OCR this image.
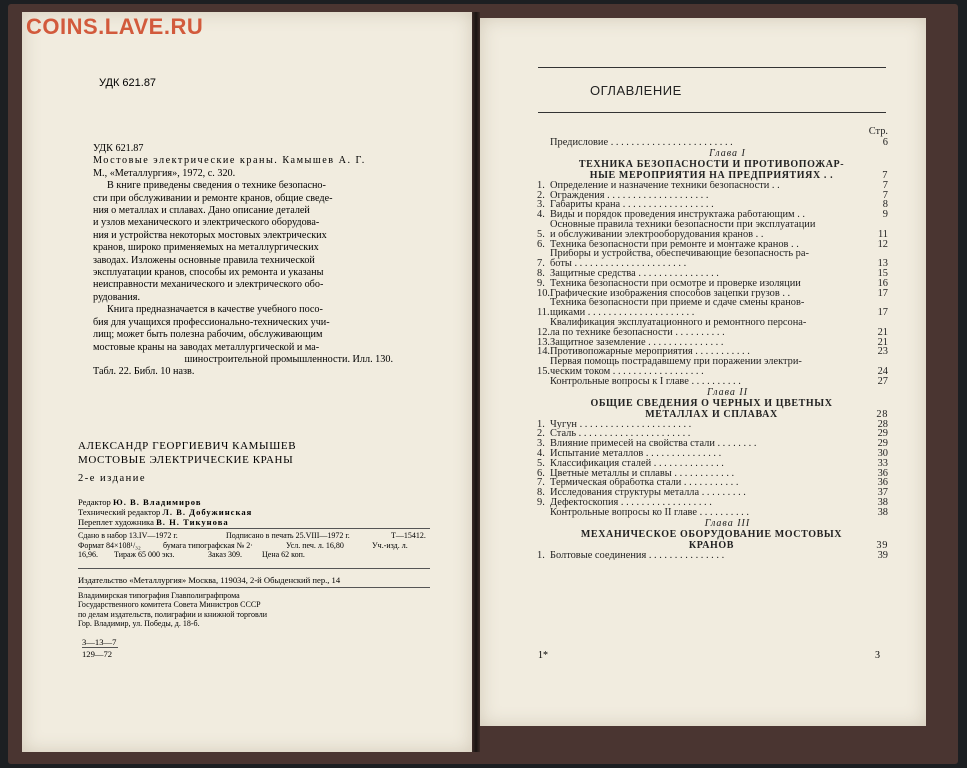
COINS.LAVE.RU
УДК 621.87

УДК 621.87

Мостовые электрические краны. Камышев А. Г.

М., «Металлургия», 1972, с. 320.

В книге приведены сведения о технике безопасно-

сти при обслуживании и ремонте кранов, общие сведе-

ния о металлах и сплавах. Дано описание деталей

и узлов механического и электрического оборудова-

ния и устройства некоторых мостовых электрических

кранов, широко применяемых на металлургических

заводах. Изложены основные правила технической

эксплуатации кранов, способы их ремонта и указаны

неисправности механического и электрического обо-

рудования.

Книга предназначается в качестве учебного посо-

бия для учащихся профессионально-технических учи-

лищ; может быть полезна рабочим, обслуживающим

мостовые краны на заводах металлургической и ма-

шиностроительной промышленности. Илл. 130.

Табл. 22. Библ. 10 назв.

АЛЕКСАНДР ГЕОРГИЕВИЧ КАМЫШЕВ
МОСТОВЫЕ ЭЛЕКТРИЧЕСКИЕ КРАНЫ
2-е издание
Редактор Ю. В. Владимиров
Технический редактор Л. В. Добужинская
Переплет художника В. Н. Тикунова
Сдано в набор 13.IV—1972 г.	Подписано в печать 25.VIII—1972 г.	Т—15412.
Формат 84×108¹/₃₂	бумага типографская № 2·	Усл. печ. л. 16,80	Уч.-изд. л.
16,96. Тираж 65 000 экз.	Заказ 309. Цена 62 коп.
Издательство «Металлургия» Москва, 119034, 2-й Обыденский пер., 14
Владимирская типография Главполиграфпрома
Государственного комитета Совета Министров СССР
по делам издательств, полиграфии и книжной торговли
Гор. Владимир, ул. Победы, д. 18-б.
3—13—7
129—72
ОГЛАВЛЕНИЕ
Стр.
Предисловие . . . . . . . . . . . . . . . . . . . . . . . .	6
Глава I
ТЕХНИКА БЕЗОПАСНОСТИ И ПРОТИВОПОЖАР-
НЫЕ МЕРОПРИЯТИЯ НА ПРЕДПРИЯТИЯХ . .	7
1. Определение и назначение техники безопасности . .	7
2. Ограждения . . . . . . . . . . . . . . . . . . . .	7
3. Габариты крана . . . . . . . . . . . . . . . . . .	8
4. Виды и порядок проведения инструктажа работающим . .	9
5.
Основные правила техники безопасности при эксплуатации
и обслуживании электрооборудования кранов . .	11
6. Техника безопасности при ремонте и монтаже кранов . .	12
7.
Приборы и устройства, обеспечивающие безопасность ра-
боты . . . . . . . . . . . . . . . . . . . . . .	13
8. Защитные средства . . . . . . . . . . . . . . . .	15
9. Техника безопасности при осмотре и проверке изоляции	16
10. Графические изображения способов зацепки грузов . .	17
11.
Техника безопасности при приеме и сдаче смены кранов-
щиками . . . . . . . . . . . . . . . . . . . . .	17
12.
Квалификация эксплуатационного и ремонтного персона-
ла по технике безопасности . . . . . . . . . .	21
13. Защитное заземление . . . . . . . . . . . . . . .	21
14. Противопожарные мероприятия . . . . . . . . . . .	23
15.
Первая помощь пострадавшему при поражении электри-
ческим током . . . . . . . . . . . . . . . . . .	24
Контрольные вопросы к I главе . . . . . . . . . .	27
Глава II
ОБЩИЕ СВЕДЕНИЯ О ЧЕРНЫХ И ЦВЕТНЫХ
МЕТАЛЛАХ И СПЛАВАХ	28
1. Чугун . . . . . . . . . . . . . . . . . . . . . .	28
2. Сталь . . . . . . . . . . . . . . . . . . . . . .	29
3. Влияние примесей на свойства стали . . . . . . . .	29
4. Испытание металлов . . . . . . . . . . . . . . .	30
5. Классификация сталей . . . . . . . . . . . . . .	33
6. Цветные металлы и сплавы . . . . . . . . . . . .	36
7. Термическая обработка стали . . . . . . . . . . .	36
8. Исследования структуры металла . . . . . . . . .	37
9. Дефектоскопия . . . . . . . . . . . . . . . . . .	38
Контрольные вопросы ко II главе . . . . . . . . . .	38
Глава III
МЕХАНИЧЕСКОЕ ОБОРУДОВАНИЕ МОСТОВЫХ
КРАНОВ	39
1. Болтовые соединения . . . . . . . . . . . . . . .	39
1*	3
